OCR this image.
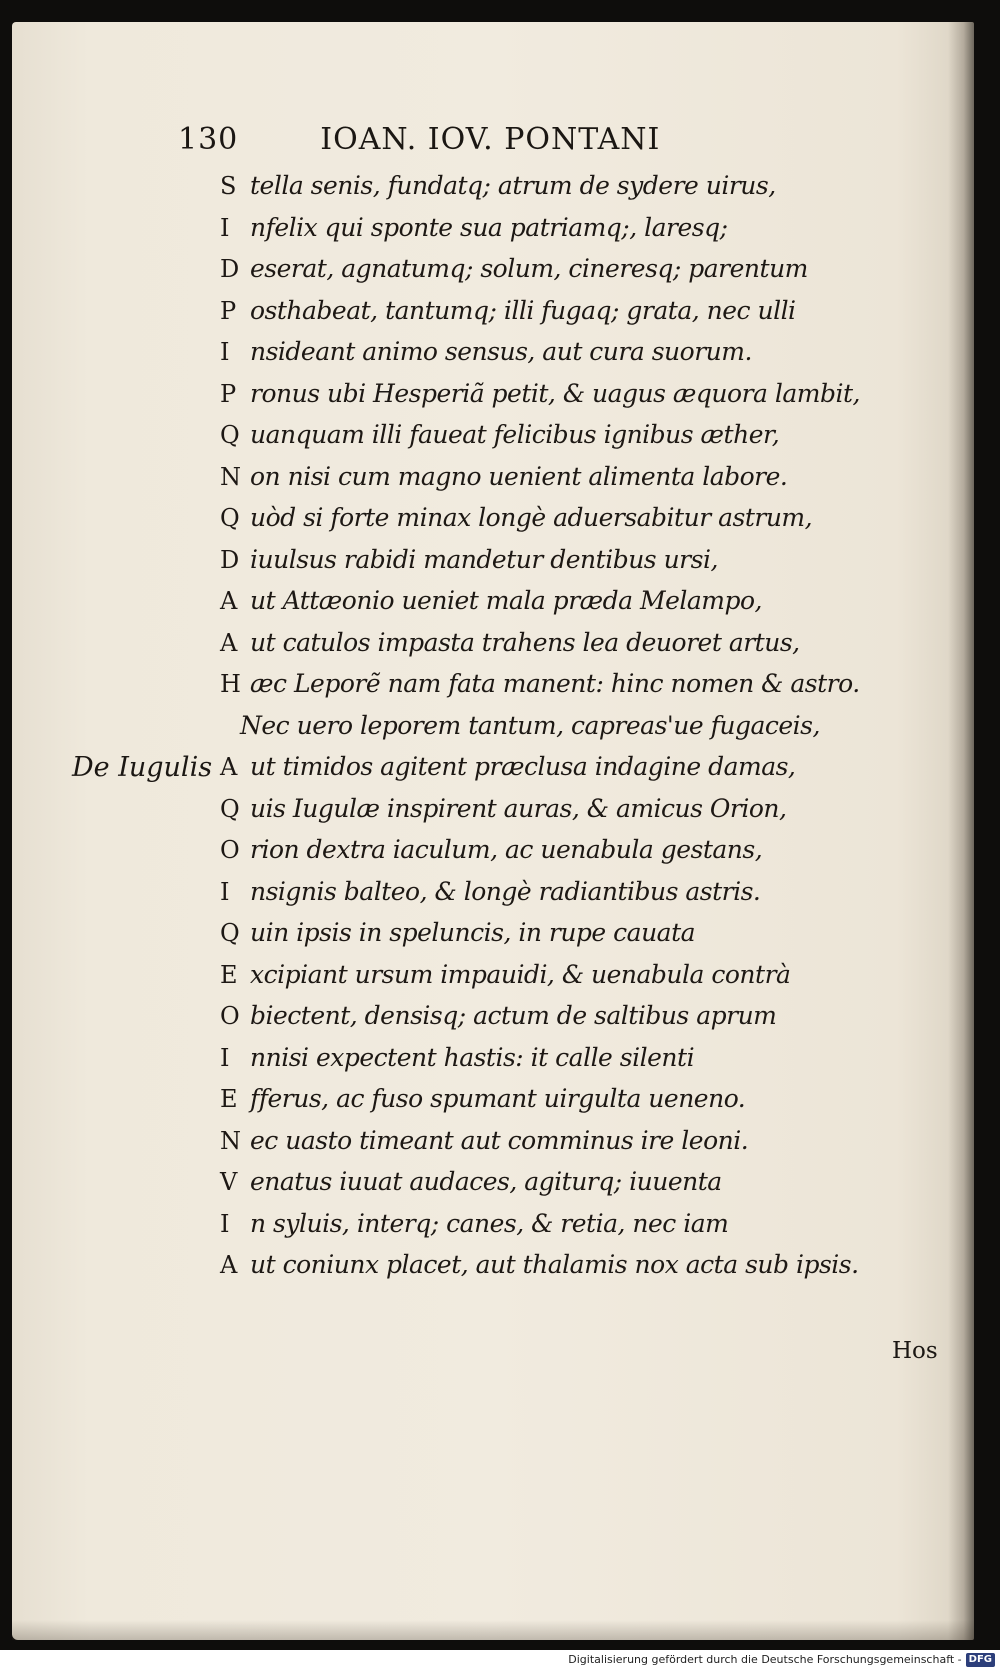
130	IOAN. IOV. PONTANI
De Iugulis
S tella senis, fundatq; atrum de sydere uirus,
I nfelix qui sponte sua patriamq;, laresq;
D eserat, agnatumq; solum, cineresq; parentum
P osthabeat, tantumq; illi fugaq; grata, nec ulli
I nsideant animo sensus, aut cura suorum.
P ronus ubi Hesperiã petit, & uagus æquora lambit,
Q uanquam illi faueat felicibus ignibus æther,
N on nisi cum magno uenient alimenta labore.
Q uòd si forte minax longè aduersabitur astrum,
D iuulsus rabidi mandetur dentibus ursi,
A ut Attæonio ueniet mala præda Melampo,
A ut catulos impasta trahens lea deuoret artus,
H æc Leporẽ nam fata manent: hinc nomen & astro.
Nec uero leporem tantum, capreas'ue fugaceis,
A ut timidos agitent præclusa indagine damas,
Q uis Iugulæ inspirent auras, & amicus Orion,
O rion dextra iaculum, ac uenabula gestans,
I nsignis balteo, & longè radiantibus astris.
Q uin ipsis in speluncis, in rupe cauata
E xcipiant ursum impauidi, & uenabula contrà
O biectent, densisq; actum de saltibus aprum
I nnisi expectent hastis: it calle silenti
E fferus, ac fuso spumant uirgulta ueneno.
N ec uasto timeant aut comminus ire leoni.
V enatus iuuat audaces, agiturq; iuuenta
I n syluis, interq; canes, & retia, nec iam
A ut coniunx placet, aut thalamis nox acta sub ipsis.
Hos
Digitalisierung gefördert durch die Deutsche Forschungsgemeinschaft - DFG
